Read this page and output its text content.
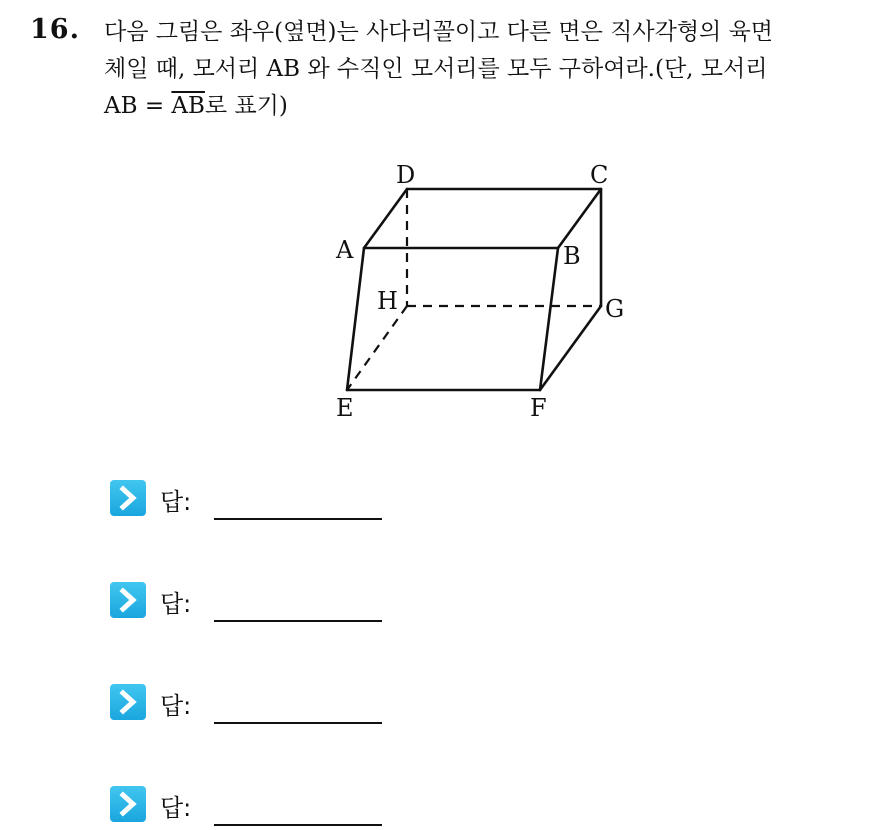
16. 다음 그림은 좌우(옆면)는 사다리꼴이고 다른 면은 직사각형의 육면
체일 때, 모서리 AB 와 수직인 모서리를 모두 구하여라.(단, 모서리
AB = $\overline{AB}$로 표기)
D	C
A	B
H	G
E	F
답:
답:
답:
답:
